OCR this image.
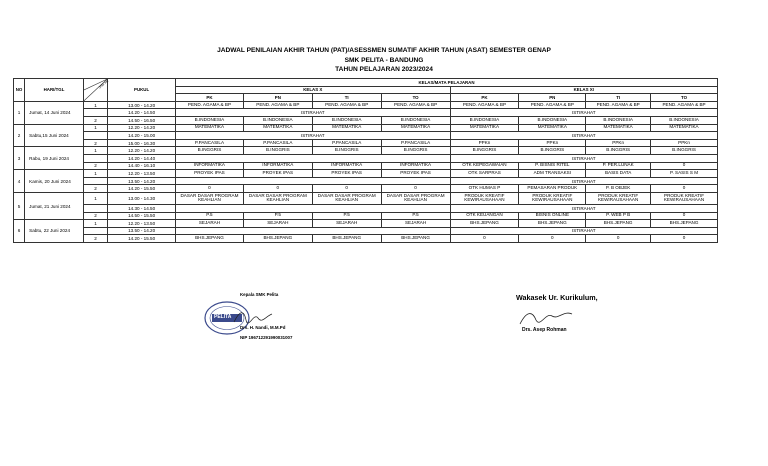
JADWAL PENILAIAN AKHIR TAHUN (PAT)/ASESSMEN SUMATIF AKHIR TAHUN (ASAT) SEMESTER GENAP
SMK PELITA - BANDUNG
TAHUN PELAJARAN 2023/2024
NO	HARI/TGL	JAM KE	PUKUL	KELAS/MATA PELAJARAN							
				KELAS X				KELAS XI			
				PK	PN	TI	TO	PK	PN	TI	TO
1	Jumat, 14 Juni 2024	1	13.00 - 14.20	PEND. AGAMA & BP	PEND. AGAMA & BP	PEND. AGAMA & BP	PEND. AGAMA & BP	PEND. AGAMA & BP	PEND. AGAMA & BP	PEND. AGAMA & BP	PEND. AGAMA & BP
			14.20 - 14.50	ISTIRAHAT				ISTIRAHAT			
		2	14.50 - 16.50	B.INDONESIA	B.INDONESIA	B.INDONESIA	B.INDONESIA	B.INDONESIA	B.INDONESIA	B.INDONESIA	B.INDONESIA
2	Sabtu,15 Juni 2024	1	12.20 - 14.20	MATEMATIKA	MATEMATIKA	MATEMATIKA	MATEMATIKA	MATEMATIKA	MATEMATIKA	MATEMATIKA	MATEMATIKA
			14.20 - 15.00	ISTIRAHAT				ISTIRAHAT			
		2	15.00 - 16.30	P.PANCASILA	P.PANCASILA	P.PANCASILA	P.PANCASILA	PPKn	PPKn	PPKn	PPKn
3	Rabu, 19 Juni 2024	1	12.20 - 14.20	B.INGGRIS	B.INGGRIS	B.INGGRIS	B.INGGRIS	B.INGGRIS	B.INGGRIS	B.INGGRIS	B.INGGRIS
			14.20 - 14.40					ISTIRAHAT			
		2	14.40 - 16.10	INFORMATIKA	INFORMATIKA	INFORMATIKA	INFORMATIKA	OTK KEPEGAWAIAN	P. BISNIS RITEL	P. PER.LUNAK	0
4	Kamis, 20 Juni 2024	1	12.20 - 13.50	PROYEK IPAS	PROYEK IPAS	PROYEK IPAS	PROYEK IPAS	OTK SARPRAS	ADM TRANSAKSI	BASIS DATA	P. SASIS S M
			13.50 - 14.20					ISTIRAHAT			
		2	14.20 - 15.50	0	0	0	0	OTK HUMAS P	PEMASARAN PRODUK	P. B OBJEK	0
5	Jumat, 21 Juni 2024	1	13.00 - 14.30	DASAR DASAR PROGRAM KEAHLIAN	DASAR DASAR PROGRAM KEAHLIAN	DASAR DASAR PROGRAM KEAHLIAN	DASAR DASAR PROGRAM KEAHLIAN	PRODUK KREATIF KEWIRAUSAHAAN	PRODUK KREATIF KEWIRAUSAHAAN	PRODUK KREATIF KEWIRAUSAHAAN	PRODUK KREATIF KEWIRAUSAHAAN
			14.30 - 14.50					ISTIRAHAT			
		2	14.50 - 15.50	P.5	P.5	P.5	P.5	OTK KEUANGAN	BISNIS ONLINE	P. WEB P B	0
6	Sabtu, 22 Juni 2024	1	12.20 - 13.50	SEJARAH	SEJARAH	SEJARAH	SEJARAH	BHS.JEPANG	BHS.JEPANG	BHS.JEPANG	BHS.JEPANG
			13.50 - 14.20					ISTIRAHAT			
		2	14.20 - 15.50	BHS.JEPANG	BHS.JEPANG	BHS.JEPANG	BHS.JEPANG	0	0	0	0
Kepala SMK Pelita
PELITA
Drs. H. Nandi, M.M.Pd
NIP 196712291990031007
Wakasek Ur. Kurikulum,
Drs. Asep Rohman
